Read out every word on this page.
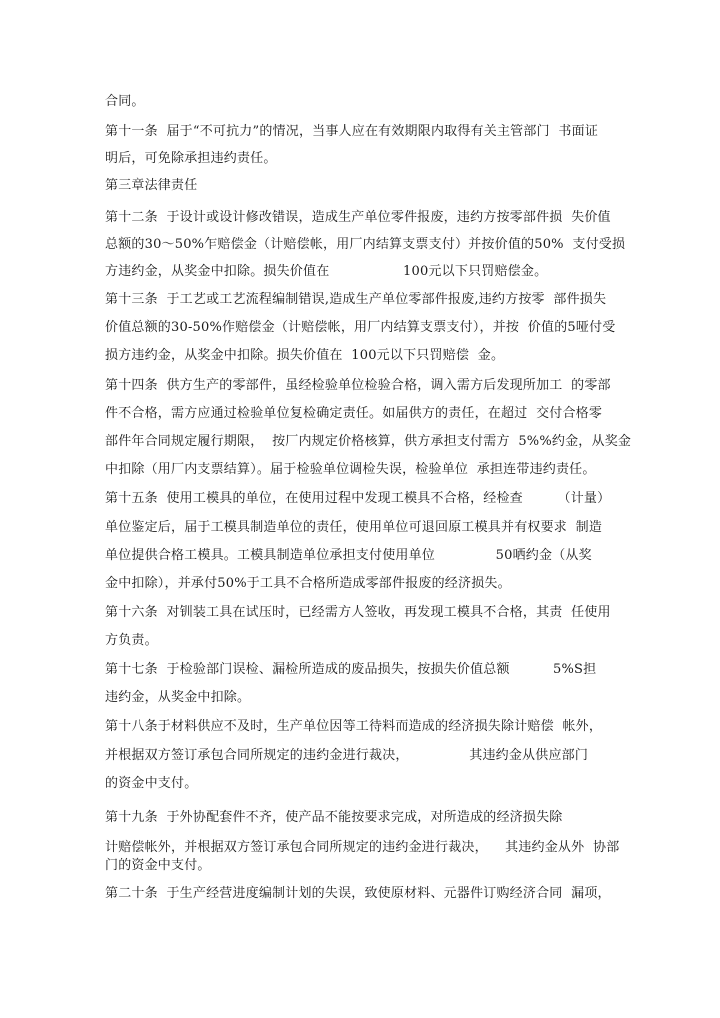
合同。

第十一条  届于“不可抗力”的情况，当事人应在有效期限内取得有关主管部门  书面证

明后，可免除承担违约责任。

第三章法律责任

第十二条  于设计或设计修改错误，造成生产单位零件报废，违约方按零部件损  失价值

总额的30～50%乍赔偿金（计赔偿帐，用厂内结算支票支付）并按价值的50%  支付受损

方违约金，从奖金中扣除。损失价值在                 100元以下只罚赔偿金。

第十三条  于工艺或工艺流程编制错误,造成生产单位零部件报废,违约方按零  部件损失

价值总额的30-50%作赔偿金（计赔偿帐，用厂内结算支票支付），并按  价值的5哑付受

损方违约金，从奖金中扣除。损失价值在  100元以下只罚赔偿  金。

第十四条  供方生产的零部件，虽经检验单位检验合格，调入需方后发现所加工  的零部

件不合格，需方应通过检验单位复检确定责任。如届供方的责任，在超过  交付合格零

部件年合同规定履行期限，  按厂内规定价格核算，供方承担支付需方  5%%约金，从奖金

中扣除（用厂内支票结算）。届于检验单位调检失误，检验单位  承担连带违约责任。

第十五条  使用工模具的单位，在使用过程中发现工模具不合格，经检查        （计量）

单位鉴定后，届于工模具制造单位的责任，使用单位可退回原工模具并有权要求  制造

单位提供合格工模具。工模具制造单位承担支付使用单位              50哂约金（从奖

金中扣除），并承付50%于工具不合格所造成零部件报废的经济损失。

第十六条  对钏装工具在试压时，已经需方人签收，再发现工模具不合格，其责  任使用

方负责。

第十七条  于检验部门误检、漏检所造成的废品损失，按损失价值总额          5%S担

违约金，从奖金中扣除。

第十八条于材料供应不及时，生产单位因等工待料而造成的经济损失除计赔偿  帐外，

并根据双方签订承包合同所规定的违约金进行裁决，              其违约金从供应部门

的资金中支付。

第十九条  于外协配套件不齐，使产品不能按要求完成，对所造成的经济损失除

计赔偿帐外，并根据双方签订承包合同所规定的违约金进行裁决，    其违约金从外  协部

门的资金中支付。

第二十条  于生产经营进度编制计划的失误，致使原材料、元器件订购经济合同  漏项，
